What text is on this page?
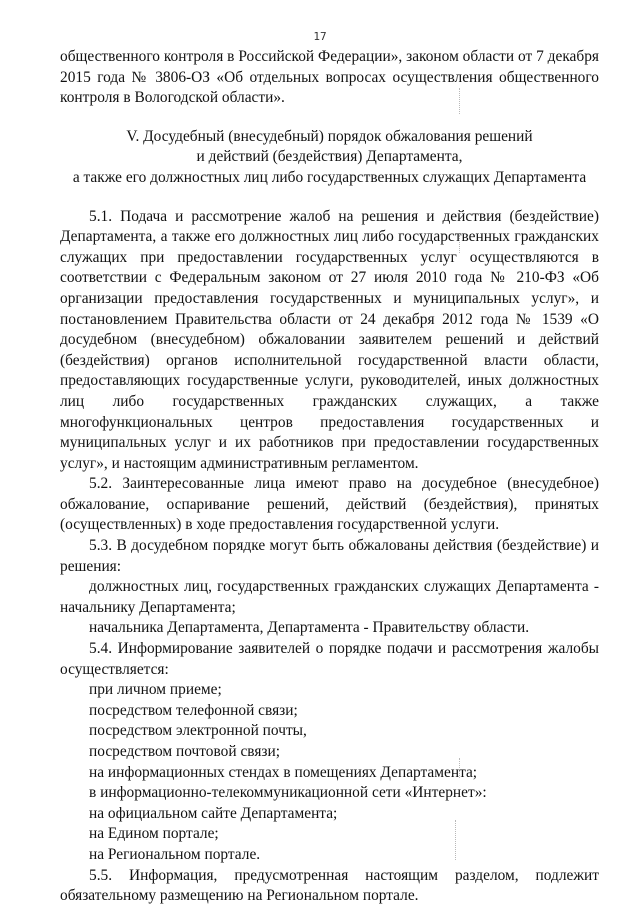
17
общественного контроля в Российской Федерации», законом области от 7 декабря
2015 года № 3806-ОЗ «Об отдельных вопросах осуществления общественного
контроля в Вологодской области».
V. Досудебный (внесудебный) порядок обжалования решений
и действий (бездействия) Департамента,
а также его должностных лиц либо государственных служащих Департамента
5.1. Подача и рассмотрение жалоб на решения и действия (бездействие)
Департамента, а также его должностных лиц либо государственных гражданских
служащих при предоставлении государственных услуг осуществляются в
соответствии с Федеральным законом от 27 июля 2010 года № 210-ФЗ «Об
организации предоставления государственных и муниципальных услуг», и
постановлением Правительства области от 24 декабря 2012 года № 1539 «О
досудебном (внесудебном) обжаловании заявителем решений и действий
(бездействия) органов исполнительной государственной власти области,
предоставляющих государственные услуги, руководителей, иных должностных
лиц либо государственных гражданских служащих, а также
многофункциональных центров предоставления государственных и
муниципальных услуг и их работников при предоставлении государственных
услуг», и настоящим административным регламентом.
5.2. Заинтересованные лица имеют право на досудебное (внесудебное)
обжалование, оспаривание решений, действий (бездействия), принятых
(осуществленных) в ходе предоставления государственной услуги.
5.3. В досудебном порядке могут быть обжалованы действия (бездействие) и
решения:
должностных лиц, государственных гражданских служащих Департамента -
начальнику Департамента;
начальника Департамента, Департамента - Правительству области.
5.4. Информирование заявителей о порядке подачи и рассмотрения жалобы
осуществляется:
при личном приеме;
посредством телефонной связи;
посредством электронной почты,
посредством почтовой связи;
на информационных стендах в помещениях Департамента;
в информационно-телекоммуникационной сети «Интернет»:
на официальном сайте Департамента;
на Едином портале;
на Региональном портале.
5.5. Информация, предусмотренная настоящим разделом, подлежит
обязательному размещению на Региональном портале.
